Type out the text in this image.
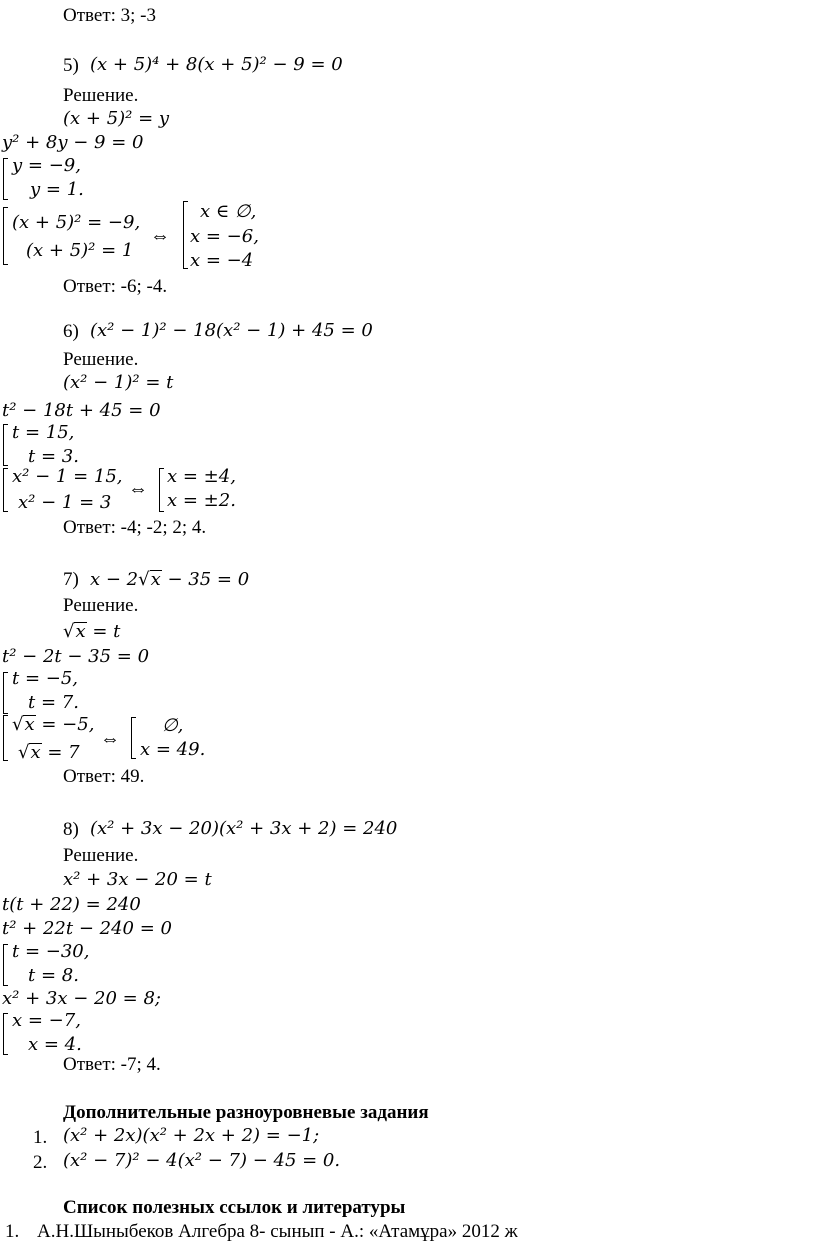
Ответ: 3; -3
5) (x + 5)⁴ + 8(x + 5)² − 9 = 0
Решение.
(x + 5)² = y
y² + 8y − 9 = 0
y = −9,
y = 1.
(x + 5)² = −9,
(x + 5)² = 1
⇔
x ∈ ∅,
x = −6,
x = −4
Ответ: -6; -4.
6) (x² − 1)² − 18(x² − 1) + 45 = 0
Решение.
(x² − 1)² = t
t² − 18t + 45 = 0
t = 15,
t = 3.
x² − 1 = 15,
x² − 1 = 3
⇔
x = ±4,
x = ±2.
Ответ: -4; -2; 2; 4.
7) x − 2√x − 35 = 0
Решение.
√x = t
t² − 2t − 35 = 0
t = −5,
t = 7.
√x = −5,
√x = 7
⇔
∅,
x = 49.
Ответ: 49.
8) (x² + 3x − 20)(x² + 3x + 2) = 240
Решение.
x² + 3x − 20 = t
t(t + 22) = 240
t² + 22t − 240 = 0
t = −30,
t = 8.
x² + 3x − 20 = 8;
x = −7,
x = 4.
Ответ: -7; 4.
Дополнительные разноуровневые задания
1. (x² + 2x)(x² + 2x + 2) = −1;
2. (x² − 7)² − 4(x² − 7) − 45 = 0.
Список полезных ссылок и литературы
1. А.Н.Шыныбеков Алгебра 8- сынып - А.: «Атамұра» 2012 ж
